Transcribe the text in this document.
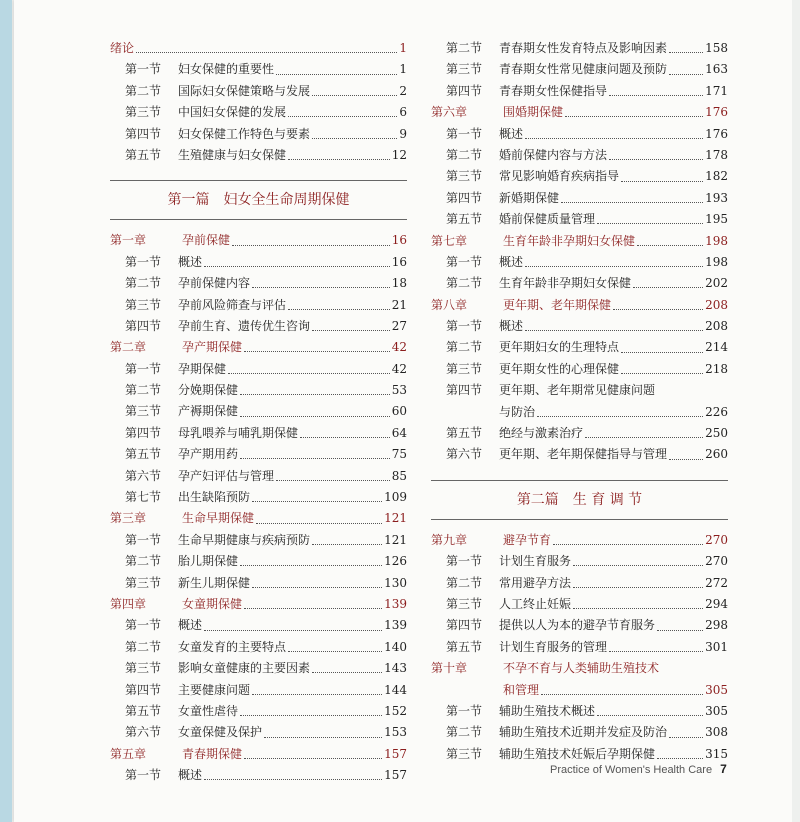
绪论	1
第一节	妇女保健的重要性	1
第二节	国际妇女保健策略与发展	2
第三节	中国妇女保健的发展	6
第四节	妇女保健工作特色与要素	9
第五节	生殖健康与妇女保健	12
第一篇　妇女全生命周期保健
第一章	孕前保健	16
第一节	概述	16
第二节	孕前保健内容	18
第三节	孕前风险筛查与评估	21
第四节	孕前生育、遗传优生咨询	27
第二章	孕产期保健	42
第一节	孕期保健	42
第二节	分娩期保健	53
第三节	产褥期保健	60
第四节	母乳喂养与哺乳期保健	64
第五节	孕产期用药	75
第六节	孕产妇评估与管理	85
第七节	出生缺陷预防	109
第三章	生命早期保健	121
第一节	生命早期健康与疾病预防	121
第二节	胎儿期保健	126
第三节	新生儿期保健	130
第四章	女童期保健	139
第一节	概述	139
第二节	女童发育的主要特点	140
第三节	影响女童健康的主要因素	143
第四节	主要健康问题	144
第五节	女童性虐待	152
第六节	女童保健及保护	153
第五章	青春期保健	157
第一节	概述	157
第二节	青春期女性发育特点及影响因素	158
第三节	青春期女性常见健康问题及预防	163
第四节	青春期女性保健指导	171
第六章	围婚期保健	176
第一节	概述	176
第二节	婚前保健内容与方法	178
第三节	常见影响婚育疾病指导	182
第四节	新婚期保健	193
第五节	婚前保健质量管理	195
第七章	生育年龄非孕期妇女保健	198
第一节	概述	198
第二节	生育年龄非孕期妇女保健	202
第八章	更年期、老年期保健	208
第一节	概述	208
第二节	更年期妇女的生理特点	214
第三节	更年期女性的心理保健	218
第四节	更年期、老年期常见健康问题
与防治	226
第五节	绝经与激素治疗	250
第六节	更年期、老年期保健指导与管理	260
第二篇　生 育 调 节
第九章	避孕节育	270
第一节	计划生育服务	270
第二节	常用避孕方法	272
第三节	人工终止妊娠	294
第四节	提供以人为本的避孕节育服务	298
第五节	计划生育服务的管理	301
第十章	不孕不育与人类辅助生殖技术
和管理	305
第一节	辅助生殖技术概述	305
第二节	辅助生殖技术近期并发症及防治	308
第三节	辅助生殖技术妊娠后孕期保健	315
Practice of Women's Health Care 7
